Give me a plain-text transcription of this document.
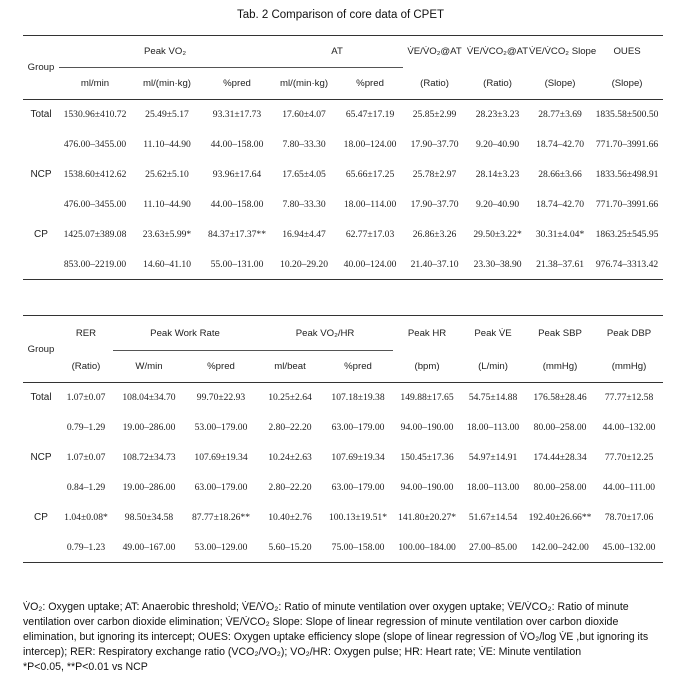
Tab. 2 Comparison of core data of CPET
Group	Peak VO₂			AT		V̇E/V̇O₂@AT	V̇E/V̇CO₂@AT	V̇E/V̇CO₂ Slope	OUES
	ml/min	ml/(min·kg)	%pred	ml/(min·kg)	%pred	(Ratio)	(Ratio)	(Slope)	(Slope)
Total	1530.96±410.72	25.49±5.17	93.31±17.73	17.60±4.07	65.47±17.19	25.85±2.99	28.23±3.23	28.77±3.69	1835.58±500.50
	476.00–3455.00	11.10–44.90	44.00–158.00	7.80–33.30	18.00–124.00	17.90–37.70	9.20–40.90	18.74–42.70	771.70–3991.66
NCP	1538.60±412.62	25.62±5.10	93.96±17.64	17.65±4.05	65.66±17.25	25.78±2.97	28.14±3.23	28.66±3.66	1833.56±498.91
	476.00–3455.00	11.10–44.90	44.00–158.00	7.80–33.30	18.00–114.00	17.90–37.70	9.20–40.90	18.74–42.70	771.70–3991.66
CP	1425.07±389.08	23.63±5.99*	84.37±17.37**	16.94±4.47	62.77±17.03	26.86±3.26	29.50±3.22*	30.31±4.04*	1863.25±545.95
	853.00–2219.00	14.60–41.10	55.00–131.00	10.20–29.20	40.00–124.00	21.40–37.10	23.30–38.90	21.38–37.61	976.74–3313.42
Group	RER	Peak Work Rate		Peak VO₂/HR		Peak HR	Peak V̇E	Peak SBP	Peak DBP
	(Ratio)	W/min	%pred	ml/beat	%pred	(bpm)	(L/min)	(mmHg)	(mmHg)
Total	1.07±0.07	108.04±34.70	99.70±22.93	10.25±2.64	107.18±19.38	149.88±17.65	54.75±14.88	176.58±28.46	77.77±12.58
	0.79–1.29	19.00–286.00	53.00–179.00	2.80–22.20	63.00–179.00	94.00–190.00	18.00–113.00	80.00–258.00	44.00–132.00
NCP	1.07±0.07	108.72±34.73	107.69±19.34	10.24±2.63	107.69±19.34	150.45±17.36	54.97±14.91	174.44±28.34	77.70±12.25
	0.84–1.29	19.00–286.00	63.00–179.00	2.80–22.20	63.00–179.00	94.00–190.00	18.00–113.00	80.00–258.00	44.00–111.00
CP	1.04±0.08*	98.50±34.58	87.77±18.26**	10.40±2.76	100.13±19.51*	141.80±20.27*	51.67±14.54	192.40±26.66**	78.70±17.06
	0.79–1.23	49.00–167.00	53.00–129.00	5.60–15.20	75.00–158.00	100.00–184.00	27.00–85.00	142.00–242.00	45.00–132.00
V̇O₂: Oxygen uptake; AT: Anaerobic threshold; V̇E/V̇O₂: Ratio of minute ventilation over oxygen uptake; V̇E/V̇CO₂: Ratio of minute ventilation over carbon dioxide elimination; V̇E/V̇CO₂ Slope: Slope of linear regression of minute ventilation over carbon dioxide elimination, but ignoring its intercept; OUES: Oxygen uptake efficiency slope (slope of linear regression of V̇O₂/log V̇E ,but ignoring its intercep); RER: Respiratory exchange ratio (VCO₂/VO₂); VO₂/HR: Oxygen pulse; HR: Heart rate; V̇E: Minute ventilation
*P<0.05, **P<0.01 vs NCP
